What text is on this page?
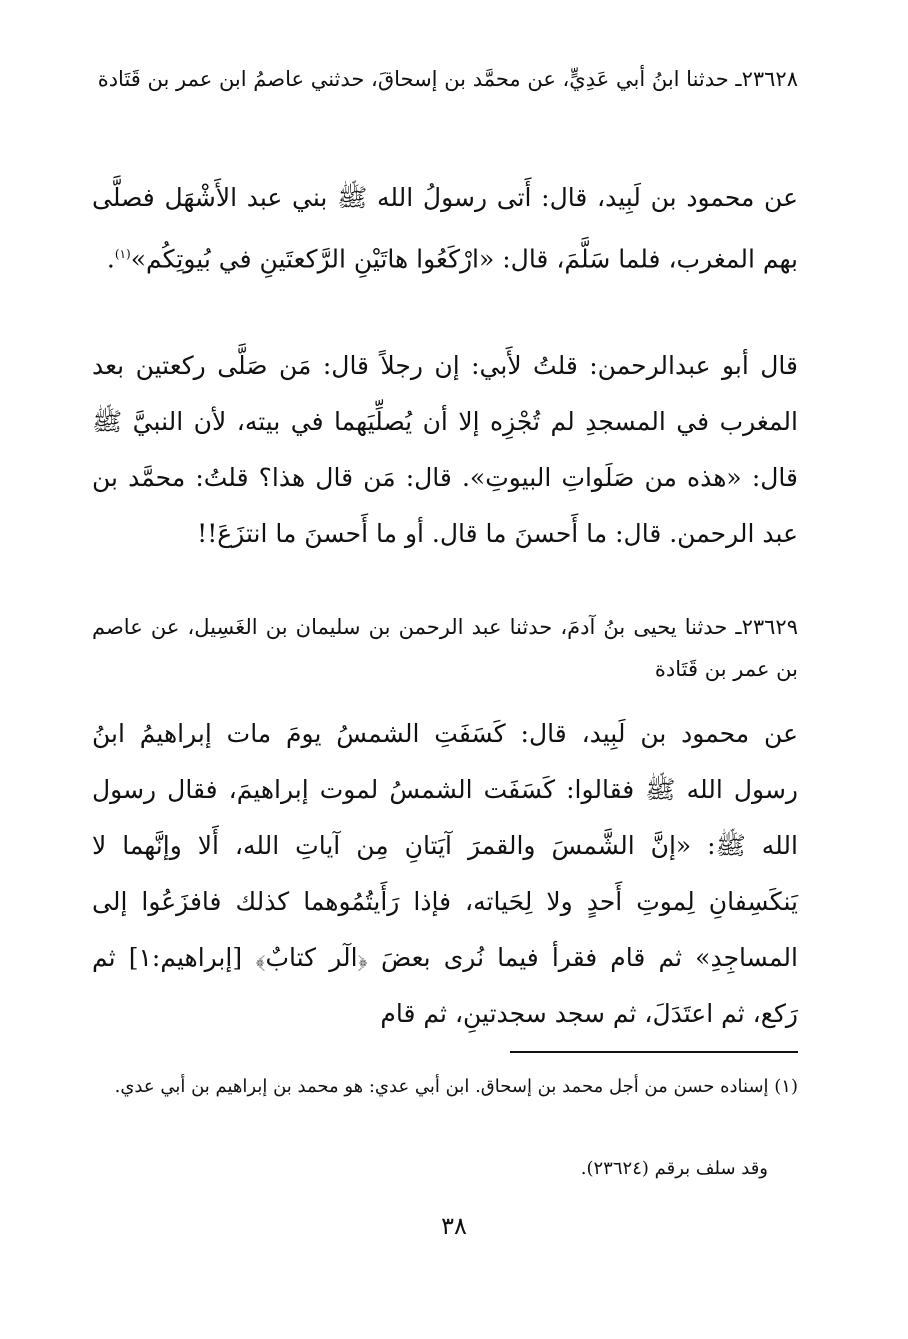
٢٣٦٢٨ـ حدثنا ابنُ أبي عَدِيٍّ، عن محمَّد بن إسحاقَ، حدثني عاصمُ ابن عمر بن قَتَادة

عن محمود بن لَبِيد، قال: أَتى رسولُ الله ﷺ بني عبد الأَشْهَل فصلَّى بهم المغرب، فلما سَلَّمَ، قال: «ارْكَعُوا هاتَيْنِ الرَّكعتَينِ في بُيوتِكُم»$^{(١)}$.

قال أبو عبدالرحمن: قلتُ لأَبي: إن رجلاً قال: مَن صَلَّى ركعتين بعد المغرب في المسجدِ لم تُجْزِه إلا أن يُصلِّيَهما في بيته، لأن النبيَّ ﷺ قال: «هذه من صَلَواتِ البيوتِ». قال: مَن قال هذا؟ قلتُ: محمَّد بن عبد الرحمن. قال: ما أَحسنَ ما قال. أو ما أَحسنَ ما انتزَعَ!!

٢٣٦٢٩ـ حدثنا يحيى بنُ آدمَ، حدثنا عبد الرحمن بن سليمان بن الغَسِيل، عن عاصم بن عمر بن قَتَادة

عن محمود بن لَبِيد، قال: كَسَفَتِ الشمسُ يومَ مات إبراهيمُ ابنُ رسول الله ﷺ فقالوا: كَسَفَت الشمسُ لموت إبراهيمَ، فقال رسول الله ﷺ: «إنَّ الشَّمسَ والقمرَ آيَتانِ مِن آياتِ الله، أَلا وإنَّهما لا يَنكَسِفانِ لِموتِ أَحدٍ ولا لِحَياته، فإذا رَأَيتُمُوهما كذلك فافزَعُوا إلى المساجِدِ» ثم قام فقرأ فيما نُرى بعضَ ﴿الٓر كتابٌ﴾ [إبراهيم:١] ثم رَكع، ثم اعتَدَلَ، ثم سجد سجدتينِ، ثم قام

(١) إسناده حسن من أجل محمد بن إسحاق. ابن أبي عدي: هو محمد بن إبراهيم بن أبي عدي.

وقد سلف برقم (٢٣٦٢٤).

٣٨
